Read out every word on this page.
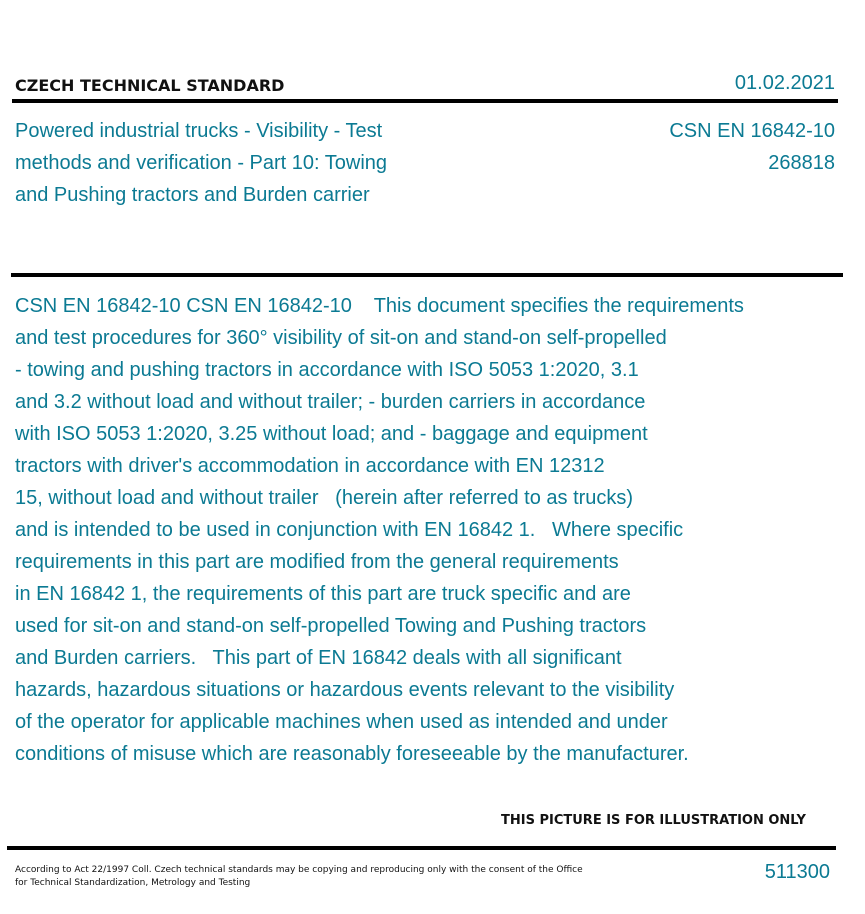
CZECH TECHNICAL STANDARD	01.02.2021
Powered industrial trucks - Visibility - Test
methods and verification - Part 10: Towing
and Pushing tractors and Burden carrier
CSN EN 16842-10
268818
CSN EN 16842-10 CSN EN 16842-10    This document specifies the requirements
and test procedures for 360° visibility of sit-on and stand-on self-propelled
- towing and pushing tractors in accordance with ISO 5053 1:2020, 3.1
and 3.2 without load and without trailer; - burden carriers in accordance
with ISO 5053 1:2020, 3.25 without load; and - baggage and equipment
tractors with driver's accommodation in accordance with EN 12312
15, without load and without trailer   (herein after referred to as trucks)
and is intended to be used in conjunction with EN 16842 1.   Where specific
requirements in this part are modified from the general requirements
in EN 16842 1, the requirements of this part are truck specific and are
used for sit-on and stand-on self-propelled Towing and Pushing tractors
and Burden carriers.   This part of EN 16842 deals with all significant
hazards, hazardous situations or hazardous events relevant to the visibility
of the operator for applicable machines when used as intended and under
conditions of misuse which are reasonably foreseeable by the manufacturer.
THIS PICTURE IS FOR ILLUSTRATION ONLY
According to Act 22/1997 Coll. Czech technical standards may be copying and reproducing only with the consent of the Office
for Technical Standardization, Metrology and Testing	511300
